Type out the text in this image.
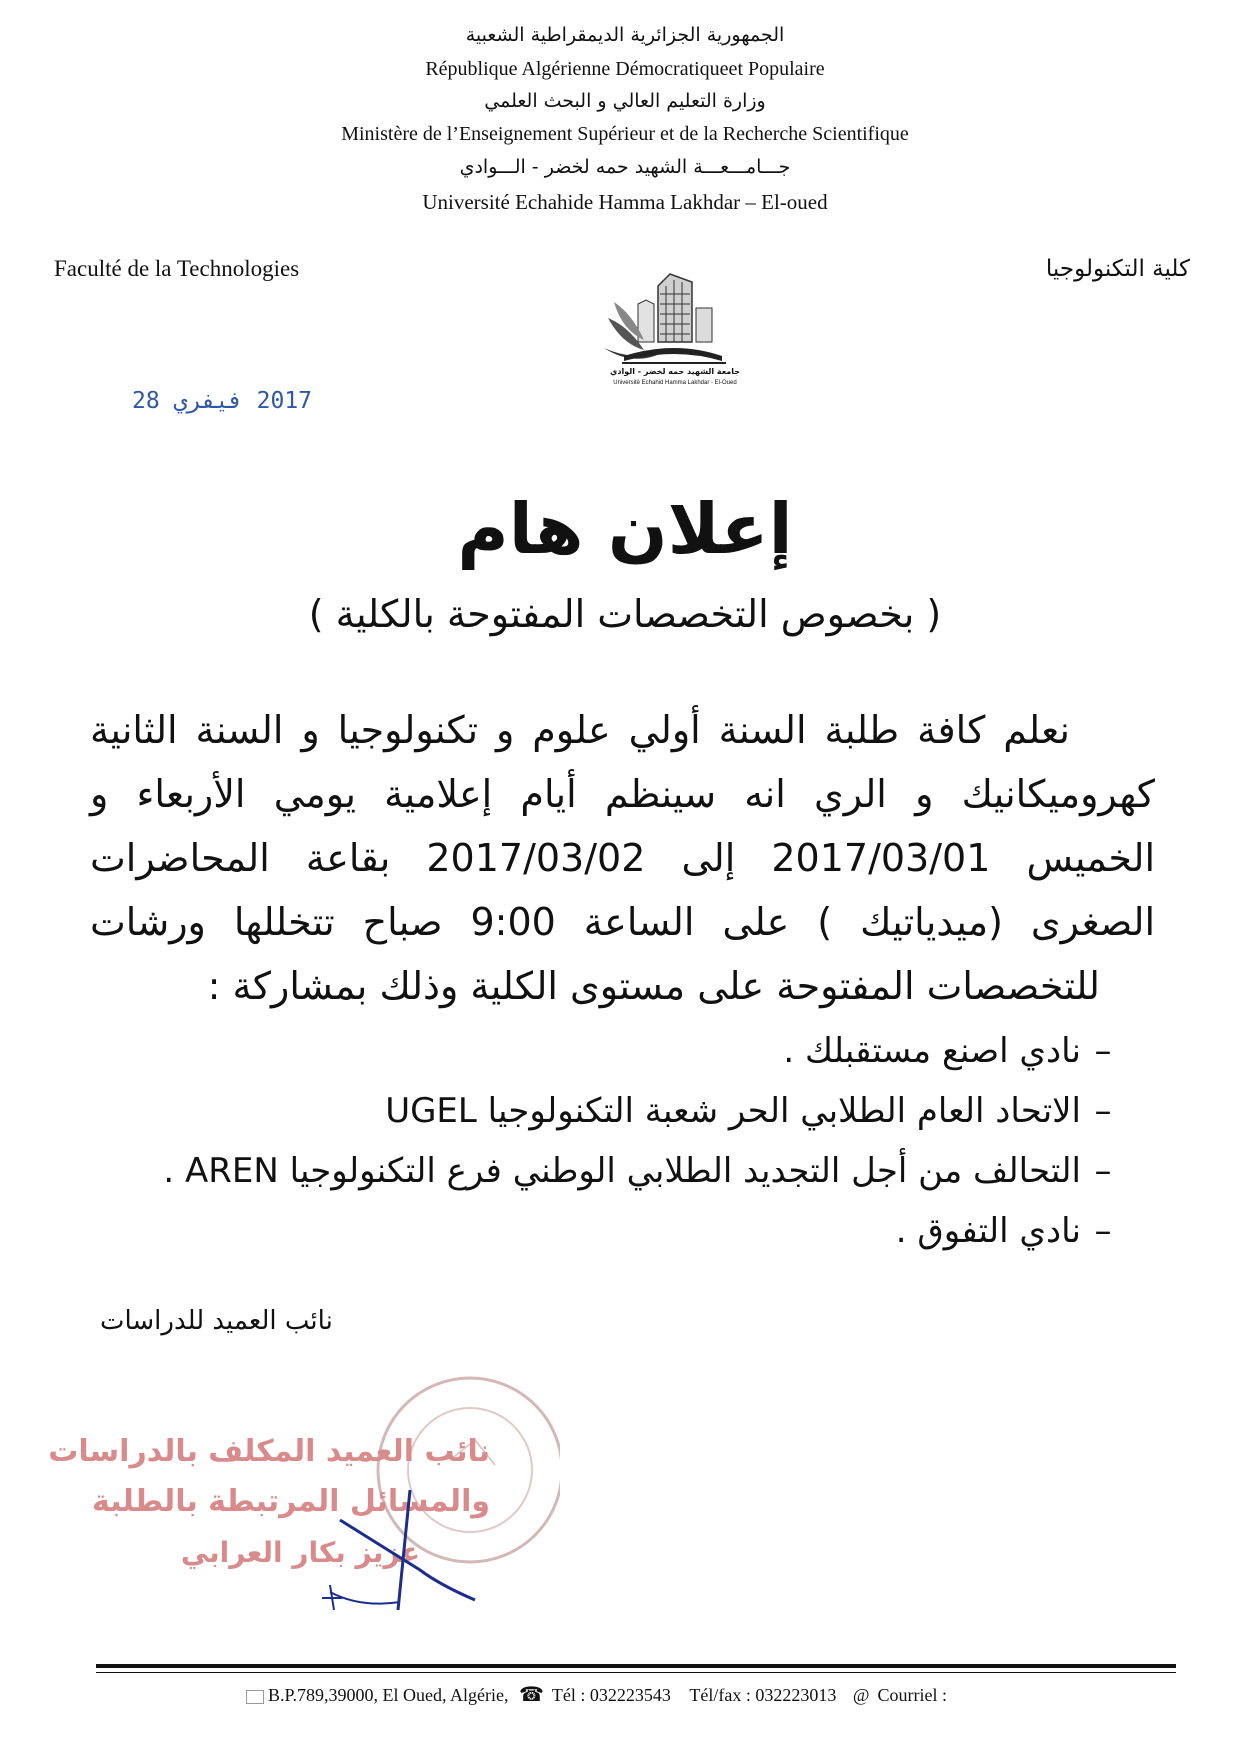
الجمهورية الجزائرية الديمقراطية الشعبية
République Algérienne Démocratiqueet Populaire
وزارة التعليم العالي و البحث العلمي
Ministère de l’Enseignement Supérieur et de la Recherche Scientifique
جـــامـــعـــة الشهيد حمه لخضر - الـــوادي
Université Echahide Hamma Lakhdar – El-oued
Faculté de la Technologies	كلية التكنولوجيا
جامعة الشهيد حمه لخضر - الوادي
Université Echahid Hamma Lakhdar - El-Oued
2017 فيفري 28
إعلان هام
( بخصوص التخصصات المفتوحة بالكلية )
نعلم كافة طلبة السنة أولي علوم و تكنولوجيا و السنة الثانية
كهروميكانيك و الري انه سينظم أيام إعلامية يومي الأربعاء و
الخميس 2017/03/01 إلى 2017/03/02 بقاعة المحاضرات
الصغرى (ميدياتيك ) على الساعة 9:00 صباح تتخللها ورشات
للتخصصات المفتوحة على مستوى الكلية وذلك بمشاركة :
–نادي اصنع مستقبلك .
–الاتحاد العام الطلابي الحر شعبة التكنولوجيا UGEL
–التحالف من أجل التجديد الطلابي الوطني فرع التكنولوجيا AREN .
–نادي التفوق .
نائب العميد للدراسات
نائب العميد المكلف بالدراسات
والمسائل المرتبطة بالطلبة
عزيز بكار العرابي
B.P.789,39000, El Oued, Algérie, ☎ Tél : 032223543 Tél/fax : 032223013 @ Courriel :
